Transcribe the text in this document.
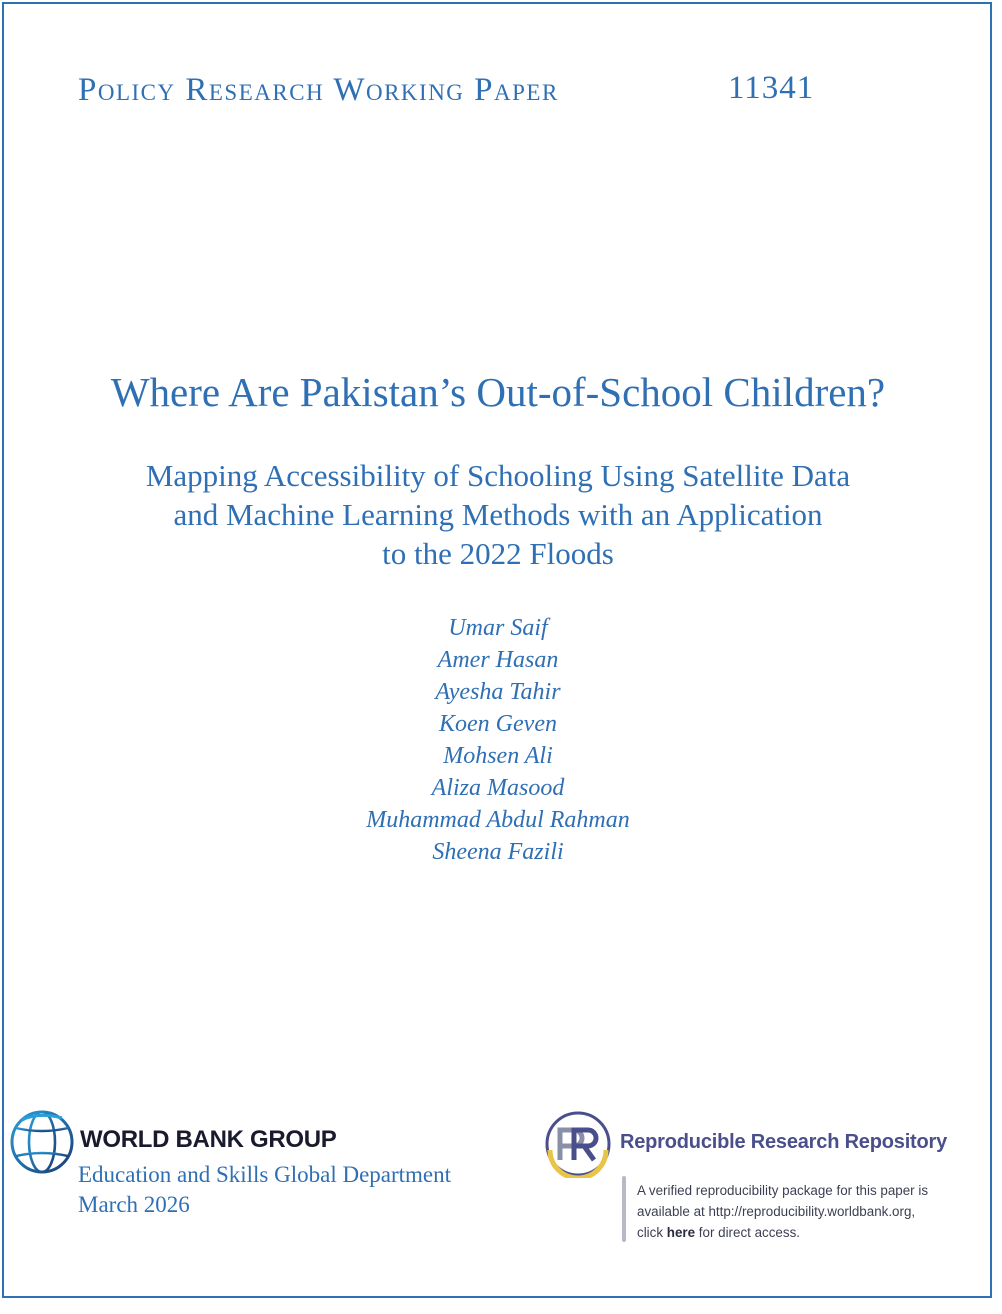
Policy Research Working Paper	11341
Where Are Pakistan’s Out-of-School Children?
Mapping Accessibility of Schooling Using Satellite Data
and Machine Learning Methods with an Application
to the 2022 Floods
Umar Saif
Amer Hasan
Ayesha Tahir
Koen Geven
Mohsen Ali
Aliza Masood
Muhammad Abdul Rahman
Sheena Fazili
WORLD BANK GROUP
Education and Skills Global Department
March 2026
Reproducible Research Repository
A verified reproducibility package for this paper is
available at http://reproducibility.worldbank.org,
click here for direct access.
